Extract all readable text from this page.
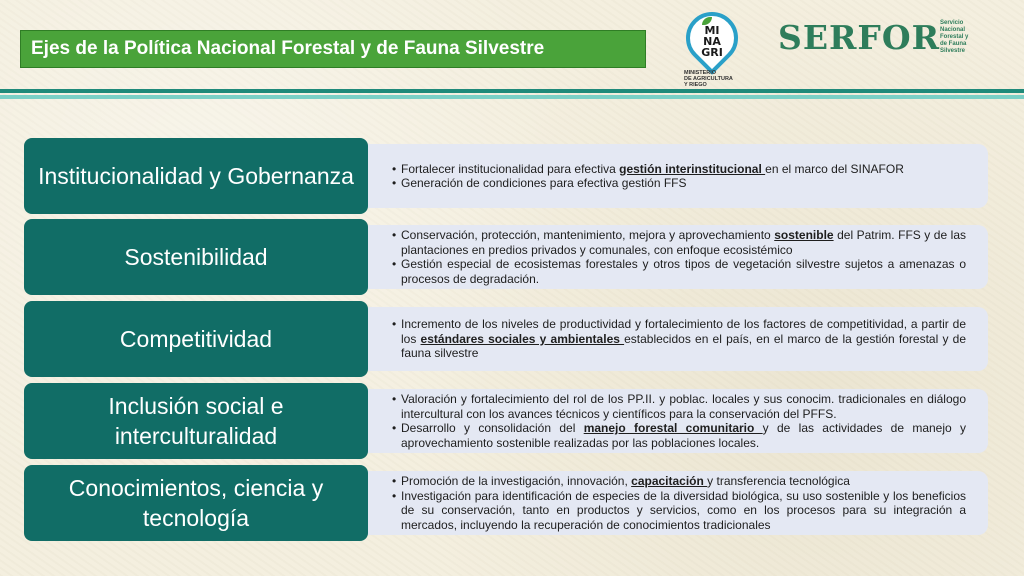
Ejes de la Política Nacional Forestal y de Fauna Silvestre
MI
NA
GRI
MINISTERIO
DE AGRICULTURA
Y RIEGO
SERFOR Servicio
Nacional
Forestal y
de Fauna
Silvestre
• Fortalecer institucionalidad para efectiva gestión interinstitucional en el marco del SINAFOR
• Generación de condiciones para efectiva gestión FFS
Institucionalidad y Gobernanza
• Conservación, protección, mantenimiento, mejora y aprovechamiento sostenible del Patrim. FFS y de las plantaciones en predios privados y comunales, con enfoque ecosistémico
• Gestión especial de ecosistemas forestales y otros tipos de vegetación silvestre sujetos a amenazas o procesos de degradación.
Sostenibilidad
• Incremento de los niveles de productividad y fortalecimiento de los factores de competitividad, a partir de los estándares sociales y ambientales establecidos en el país, en el marco de la gestión forestal y de fauna silvestre
Competitividad
• Valoración y fortalecimiento del rol de los PP.II. y poblac. locales y sus conocim. tradicionales en diálogo intercultural con los avances técnicos y científicos para la conservación del PFFS.
• Desarrollo y consolidación del manejo forestal comunitario y de las actividades de manejo y aprovechamiento sostenible realizadas por las poblaciones locales.
Inclusión social e interculturalidad
• Promoción de la investigación, innovación, capacitación y transferencia tecnológica
• Investigación para identificación de especies de la diversidad biológica, su uso sostenible y los beneficios de su conservación, tanto en productos y servicios, como en los procesos para su integración a mercados, incluyendo la recuperación de conocimientos tradicionales
Conocimientos, ciencia y tecnología
